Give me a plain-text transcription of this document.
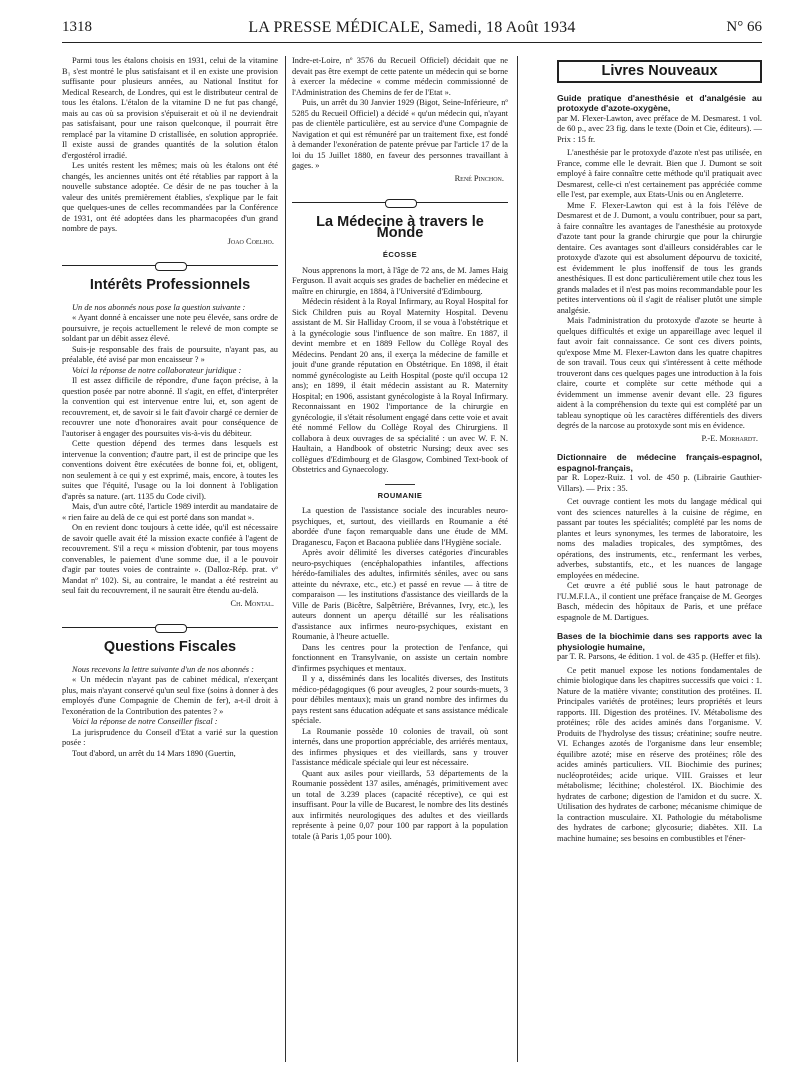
1318	LA PRESSE MÉDICALE, Samedi, 18 Août 1934	N° 66

Parmi tous les étalons choisis en 1931, celui de la vitamine B₁ s'est montré le plus satisfaisant et il en existe une provision suffisante pour plusieurs années, au National Institut for Medical Research, de Londres, qui est le distributeur central de tous les étalons. L'étalon de la vitamine D ne fut pas changé, mais au cas où sa provision s'épuiserait et où il ne deviendrait pas satisfaisant, pour une raison quelconque, il pourrait être remplacé par la vitamine D cristallisée, en solution appropriée. Il existe aussi de grandes quantités de la solution étalon d'ergostérol irradié.

Les unités restent les mêmes; mais où les étalons ont été changés, les anciennes unités ont été rétablies par rapport à la nouvelle substance adoptée. Ce désir de ne pas toucher à la valeur des unités premièrement établies, s'explique par le fait que quelques-unes de celles recommandées par la Conférence de 1931, ont été adoptées dans les pharmacopées d'un grand nombre de pays.

Joao Coelho.

Intérêts Professionnels

Un de nos abonnés nous pose la question suivante :

« Ayant donné à encaisser une note peu élevée, sans ordre de poursuivre, je reçois actuellement le relevé de mon compte se soldant par un débit assez élevé.

Suis-je responsable des frais de poursuite, n'ayant pas, au préalable, été avisé par mon encaisseur ? »

Voici la réponse de notre collaborateur juridique :

Il est assez difficile de répondre, d'une façon précise, à la question posée par notre abonné. Il s'agit, en effet, d'interpréter la convention qui est intervenue entre lui, et, son agent de recouvrement, et, de savoir si le fait d'avoir chargé ce dernier de recouvrer une note d'honoraires avait pour conséquence de l'autoriser à engager des poursuites vis-à-vis du débiteur.

Cette question dépend des termes dans lesquels est intervenue la convention; d'autre part, il est de principe que les conventions doivent être exécutées de bonne foi, et, obligent, non seulement à ce qui y est exprimé, mais, encore, à toutes les suites que l'équité, l'usage ou la loi donnent à l'obligation d'après sa nature. (art. 1135 du Code civil).

Mais, d'un autre côté, l'article 1989 interdit au mandataire de « rien faire au delà de ce qui est porté dans son mandat ».

On en revient donc toujours à cette idée, qu'il est nécessaire de savoir quelle avait été la mission exacte confiée à l'agent de recouvrement. S'il a reçu « mission d'obtenir, par tous moyens convenables, le paiement d'une somme due, il a le pouvoir d'agir par toutes voies de contrainte ». (Dalloz-Rép. prat. vº Mandat nº 102). Si, au contraire, le mandat a été restreint au seul fait du recouvrement, il ne saurait être étendu au-delà.

Ch. Montal.

Questions Fiscales

Nous recevons la lettre suivante d'un de nos abonnés :

« Un médecin n'ayant pas de cabinet médical, n'exerçant plus, mais n'ayant conservé qu'un seul fixe (soins à donner à des employés d'une Compagnie de Chemin de fer), a-t-il droit à l'exonération de la Contribution des patentes ? »

Voici la réponse de notre Conseiller fiscal :

La jurisprudence du Conseil d'Etat a varié sur la question posée :

Tout d'abord, un arrêt du 14 Mars 1890 (Guertin,

Indre-et-Loire, nº 3576 du Recueil Officiel) décidait que ne devait pas être exempt de cette patente un médecin qui se borne à exercer la médecine « comme médecin commissionné de l'Administration des Chemins de fer de l'Etat ».

Puis, un arrêt du 30 Janvier 1929 (Bigot, Seine-Inférieure, nº 5285 du Recueil Officiel) a décidé « qu'un médecin qui, n'ayant pas de clientèle particulière, est au service d'une Compagnie de Navigation et qui est rémunéré par un traitement fixe, est fondé à demander l'exonération de patente prévue par l'article 17 de la loi du 15 Juillet 1880, en faveur des personnes travaillant à gages. »

René Pinchon.

La Médecine à travers le Monde
ÉCOSSE

Nous apprenons la mort, à l'âge de 72 ans, de M. James Haig Ferguson. Il avait acquis ses grades de bachelier en médecine et maître en chirurgie, en 1884, à l'Université d'Edimbourg.

Médecin résident à la Royal Infirmary, au Royal Hospital for Sick Children puis au Royal Maternity Hospital. Devenu assistant de M. Sir Halliday Croom, il se voua à l'obstétrique et à la gynécologie sous l'influence de son maître. En 1887, il devint membre et en 1889 Fellow du Collège Royal des Médecins. Pendant 20 ans, il exerça la médecine de famille et jouit d'une grande réputation en Obstétrique. En 1898, il était nommé gynécologiste au Leith Hospital (poste qu'il occupa 12 ans); en 1899, il était médecin assistant au R. Maternity Hospital; en 1906, assistant gynécologiste à la Royal Infirmary. Reconnaissant en 1902 l'importance de la chirurgie en gynécologie, il s'était résolument engagé dans cette voie et avait été nommé Fellow du Collège Royal des Chirurgiens. Il collabora à deux ouvrages de sa spécialité : un avec W. F. N. Haultain, a Handbook of obstetric Nursing; deux avec ses collègues d'Edimbourg et de Glasgow, Combined Text-book of Obstetrics and Gynaecology.

ROUMANIE

La question de l'assistance sociale des incurables neuro-psychiques, et, surtout, des vieillards en Roumanie a été abordée d'une façon remarquable dans une étude de MM. Draganescu, Façon et Bacaona publiée dans l'Hygiène sociale.

Après avoir délimité les diverses catégories d'incurables neuro-psychiques (encéphalopathies infantiles, affections hérédo-familiales des adultes, infirmités séniles, avec ou sans atteinte du névraxe, etc., etc.) et passé en revue — à titre de comparaison — les institutions d'assistance des vieillards de la Ville de Paris (Bicêtre, Salpêtrière, Brévannes, Ivry, etc.), les auteurs donnent un aperçu détaillé sur les réalisations d'assistance aux infirmes neuro-psychiques, existant en Roumanie, à l'heure actuelle.

Dans les centres pour la protection de l'enfance, qui fonctionnent en Transylvanie, on assiste un certain nombre d'infirmes psychiques et mentaux.

Il y a, disséminés dans les localités diverses, des Instituts médico-pédagogiques (6 pour aveugles, 2 pour sourds-muets, 3 pour débiles mentaux); mais un grand nombre des infirmes du pays restent sans éducation adéquate et sans assistance médicale spéciale.

La Roumanie possède 10 colonies de travail, où sont internés, dans une proportion appréciable, des arriérés mentaux, des infirmes physiques et des vieillards, sans y trouver l'assistance médicale spéciale qui leur est nécessaire.

Quant aux asiles pour vieillards, 53 départements de la Roumanie possèdent 137 asiles, aménagés, primitivement avec un total de 3.239 places (capacité réceptive), ce qui est insuffisant. Pour la ville de Bucarest, le nombre des lits destinés aux infirmités neurologiques des adultes et des vieillards représente à peine 0,07 pour 100 par rapport à la population totale (à Paris 1,05 pour 100).

Livres Nouveaux

Guide pratique d'anesthésie et d'analgésie au protoxyde d'azote-oxygène,

par M. Flexer-Lawton, avec préface de M. Desmarest. 1 vol. de 60 p., avec 23 fig. dans le texte (Doin et Cie, éditeurs). — Prix : 15 fr.

L'anesthésie par le protoxyde d'azote n'est pas utilisée, en France, comme elle le devrait. Bien que J. Dumont se soit employé à faire connaître cette méthode qu'il pratiquait avec Desmarest, celle-ci n'est certainement pas appréciée comme elle l'est, par exemple, aux Etats-Unis ou en Angleterre.

Mme F. Flexer-Lawton qui est à la fois l'élève de Desmarest et de J. Dumont, a voulu contribuer, pour sa part, à faire connaître les avantages de l'anesthésie au protoxyde d'azote tant pour la grande chirurgie que pour la chirurgie dentaire. Ces avantages sont d'ailleurs considérables car le protoxyde d'azote qui est absolument dépourvu de toxicité, est évidemment le plus inoffensif de tous les grands anesthésiques. Il est donc particulièrement utile chez tous les grands malades et il n'est pas moins recommandable pour les petites interventions où il s'agit de réaliser plutôt une simple analgésie.

Mais l'administration du protoxyde d'azote se heurte à quelques difficultés et exige un appareillage avec lequel il faut avoir fait connaissance. Ce sont ces divers points, qu'expose Mme M. Flexer-Lawton dans les quatre chapitres de son travail. Tous ceux qui s'intéressent à cette méthode trouveront dans ces quelques pages une introduction à la fois claire, courte et complète sur cette méthode qui a évidemment un immense avenir devant elle. 23 figures aident à la compréhension du texte qui est complété par un tableau synoptique où les caractères différentiels des divers degrés de la narcose au protoxyde sont mis en évidence.

P.-E. Morhardt.

Dictionnaire de médecine français-espagnol, espagnol-français,

par R. Lopez-Ruiz. 1 vol. de 450 p. (Librairie Gauthier-Villars). — Prix : 35.

Cet ouvrage contient les mots du langage médical qui vont des sciences naturelles à la cuisine de régime, en passant par toutes les spécialités; complété par les noms de plantes et leurs synonymes, les termes de laboratoire, les noms des maladies tropicales, des symptômes, des opérations, des instruments, etc., renfermant les verbes, adverbes, substantifs, etc., et les nuances de langage employées en médecine.

Cet œuvre a été publié sous le haut patronage de l'U.M.F.I.A., il contient une préface française de M. Georges Basch, médecin des hôpitaux de Paris, et une préface espagnole de M. Dartigues.

Bases de la biochimie dans ses rapports avec la physiologie humaine,

par T. R. Parsons, 4e édition. 1 vol. de 435 p. (Heffer et fils).

Ce petit manuel expose les notions fondamentales de chimie biologique dans les chapitres successifs que voici : 1. Nature de la matière vivante; constitution des protéines. II. Principales variétés de protéines; leurs propriétés et leurs rapports. III. Digestion des protéines. IV. Métabolisme des protéines; rôle des acides aminés dans l'organisme. V. Produits de l'hydrolyse des tissus; créatinine; soufre neutre. VI. Echanges azotés de l'organisme dans leur ensemble; équilibre azoté; mise en réserve des protéines; rôle des acides aminés particuliers. VII. Biochimie des purines; nucléoprotéides; acide urique. VIII. Graisses et leur métabolisme; lécithine; cholestérol. IX. Biochimie des hydrates de carbone; digestion de l'amidon et du sucre. X. Utilisation des hydrates de carbone; mécanisme chimique de la contraction musculaire. XI. Pathologie du métabolisme des hydrates de carbone; glycosurie; diabètes. XII. La machine humaine; ses besoins en combustibles et l'éner-
